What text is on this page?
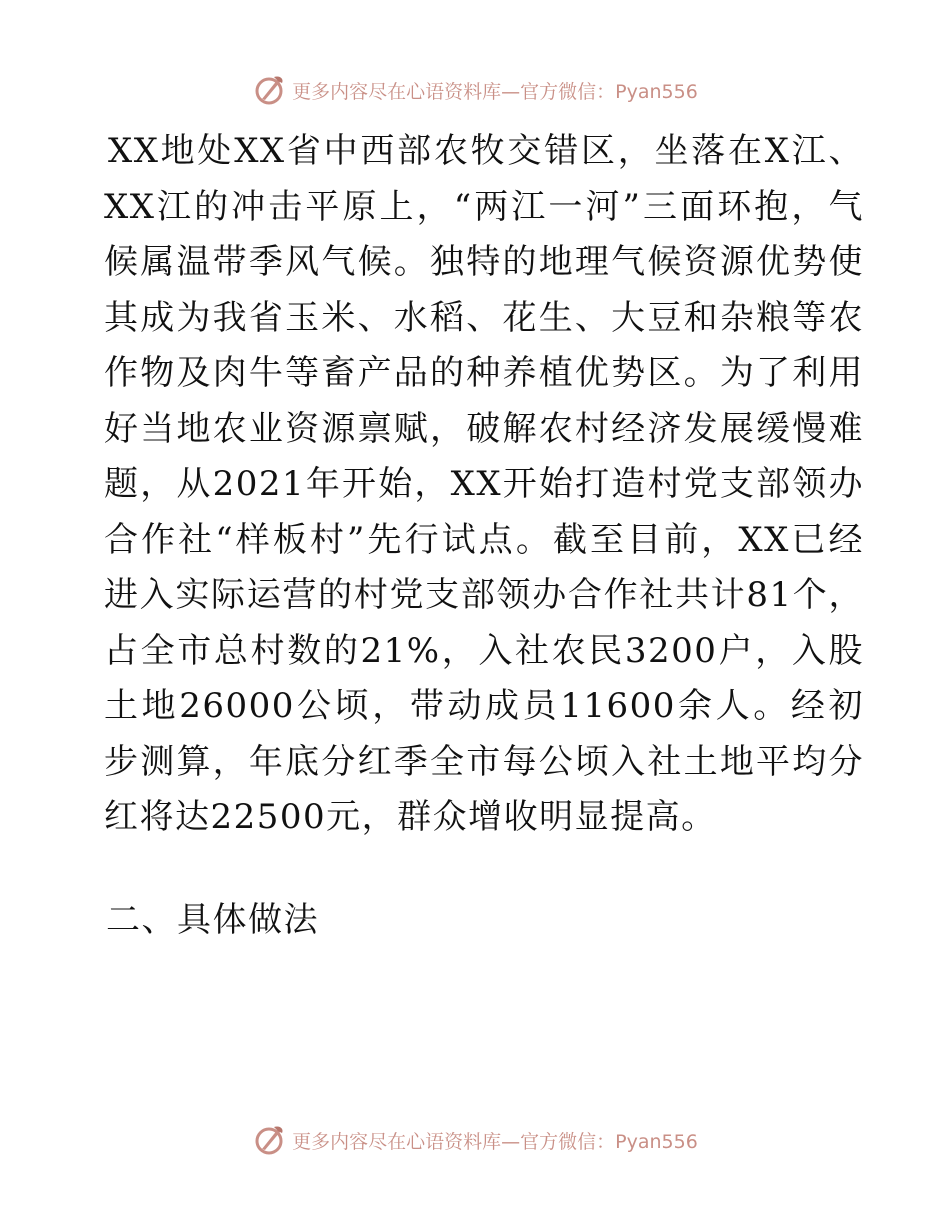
更多内容尽在心语资料库—官方微信：Pyan556
XX地处XX省中西部农牧交错区，坐落在X江、XX江的冲击平原上，“两江一河”三面环抱，气候属温带季风气候。独特的地理气候资源优势使其成为我省玉米、水稻、花生、大豆和杂粮等农作物及肉牛等畜产品的种养植优势区。为了利用好当地农业资源禀赋，破解农村经济发展缓慢难题，从2021年开始，XX开始打造村党支部领办合作社“样板村”先行试点。截至目前，XX已经进入实际运营的村党支部领办合作社共计81个，占全市总村数的21%，入社农民3200户，入股土地26000公顷，带动成员11600余人。经初步测算，年底分红季全市每公顷入社土地平均分红将达22500元，群众增收明显提高。
二、具体做法
更多内容尽在心语资料库—官方微信：Pyan556
